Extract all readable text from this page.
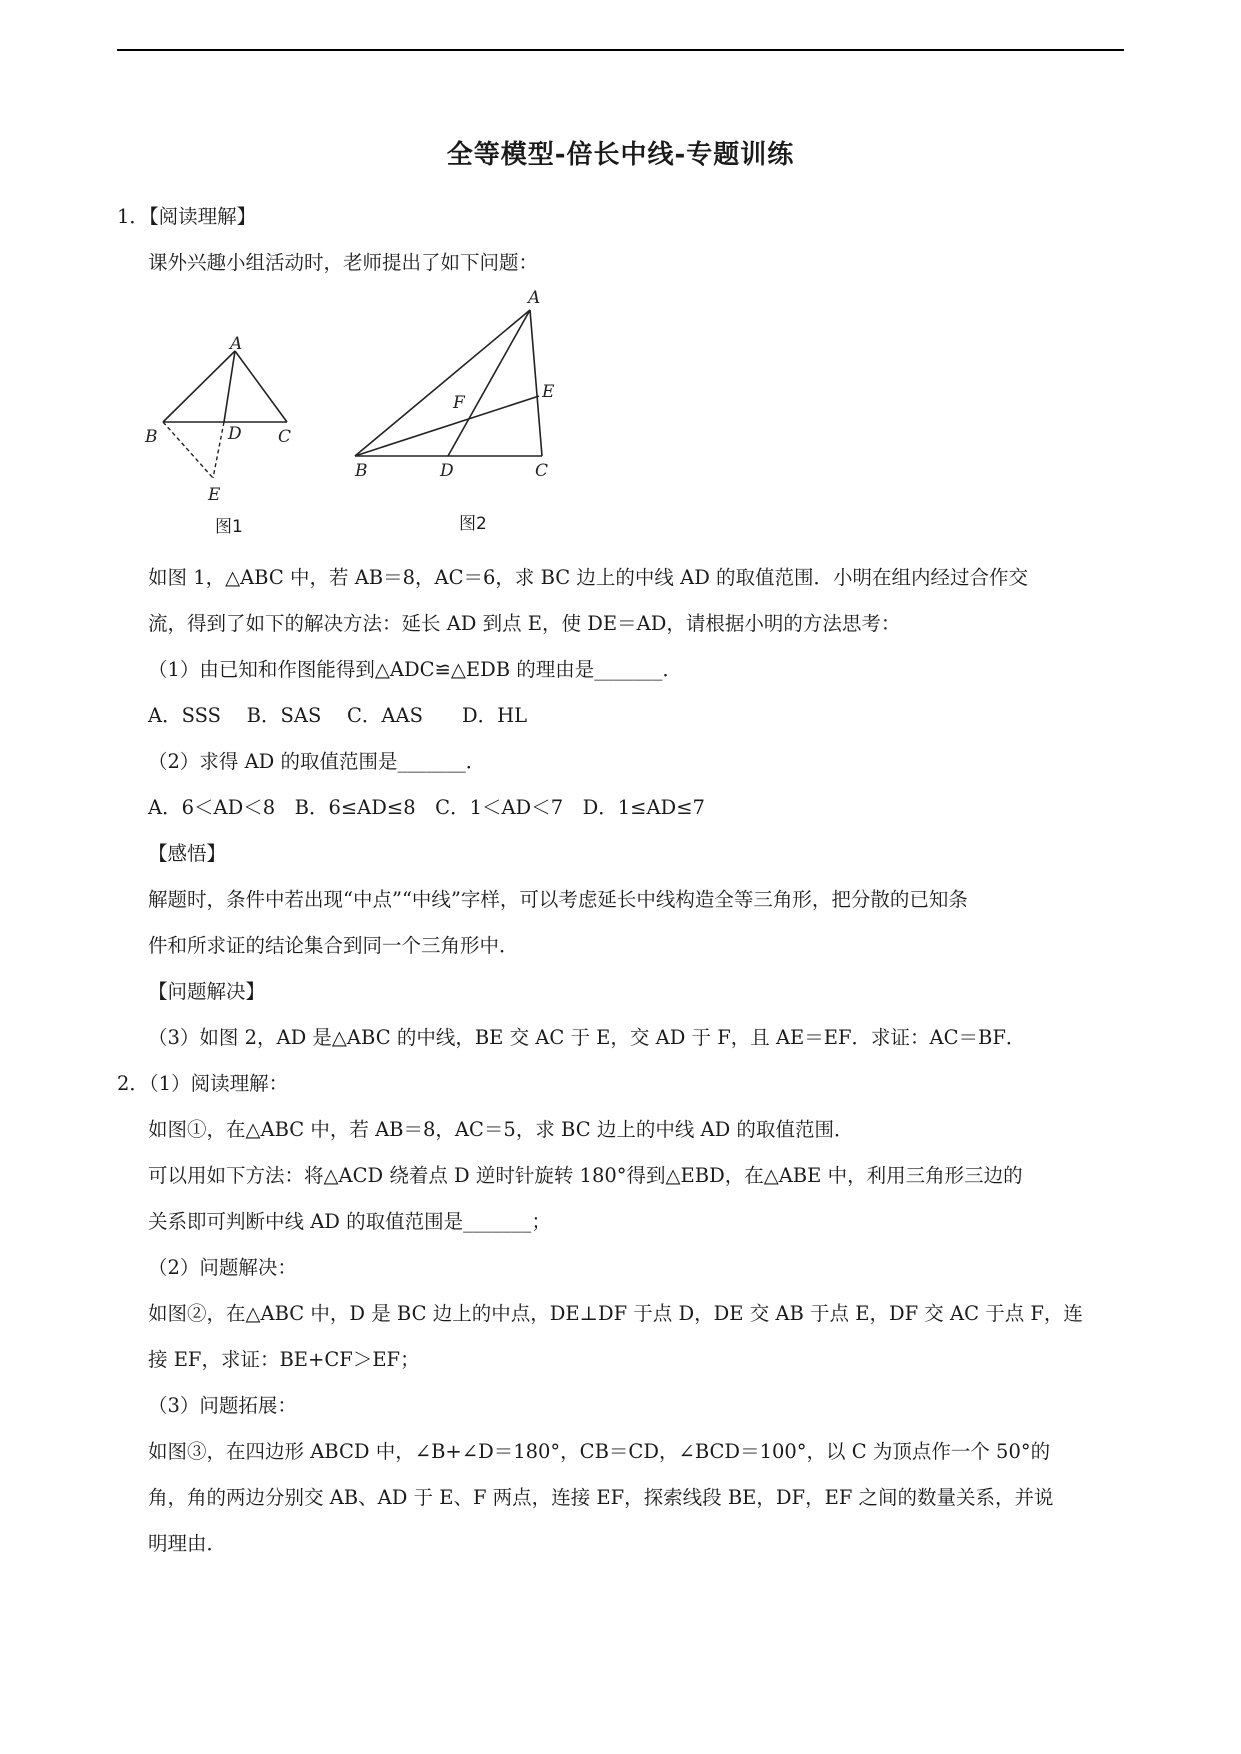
全等模型-倍长中线-专题训练
1．【阅读理解】
课外兴趣小组活动时，老师提出了如下问题：
A
B	D C
E
图1
A
E
F
B	D	C
图2
如图 1，△ABC 中，若 AB＝8，AC＝6，求 BC 边上的中线 AD 的取值范围．小明在组内经过合作交
流，得到了如下的解决方法：延长 AD 到点 E，使 DE＝AD，请根据小明的方法思考：
（1）由已知和作图能得到△ADC≌△EDB 的理由是_______．
A．SSS　 B．SAS　 C．AAS　　D．HL
（2）求得 AD 的取值范围是_______．
A．6＜AD＜8　B．6≤AD≤8　C．1＜AD＜7　D．1≤AD≤7
【感悟】
解题时，条件中若出现“中点”“中线”字样，可以考虑延长中线构造全等三角形，把分散的已知条
件和所求证的结论集合到同一个三角形中．
【问题解决】
（3）如图 2，AD 是△ABC 的中线，BE 交 AC 于 E，交 AD 于 F，且 AE＝EF．求证：AC＝BF．
2．（1）阅读理解：
如图①，在△ABC 中，若 AB＝8，AC＝5，求 BC 边上的中线 AD 的取值范围．
可以用如下方法：将△ACD 绕着点 D 逆时针旋转 180°得到△EBD，在△ABE 中，利用三角形三边的
关系即可判断中线 AD 的取值范围是_______；
（2）问题解决：
如图②，在△ABC 中，D 是 BC 边上的中点，DE⊥DF 于点 D，DE 交 AB 于点 E，DF 交 AC 于点 F，连
接 EF，求证：BE+CF＞EF；
（3）问题拓展：
如图③，在四边形 ABCD 中，∠B+∠D＝180°，CB＝CD，∠BCD＝100°，以 C 为顶点作一个 50°的
角，角的两边分别交 AB、AD 于 E、F 两点，连接 EF，探索线段 BE，DF，EF 之间的数量关系，并说
明理由．
